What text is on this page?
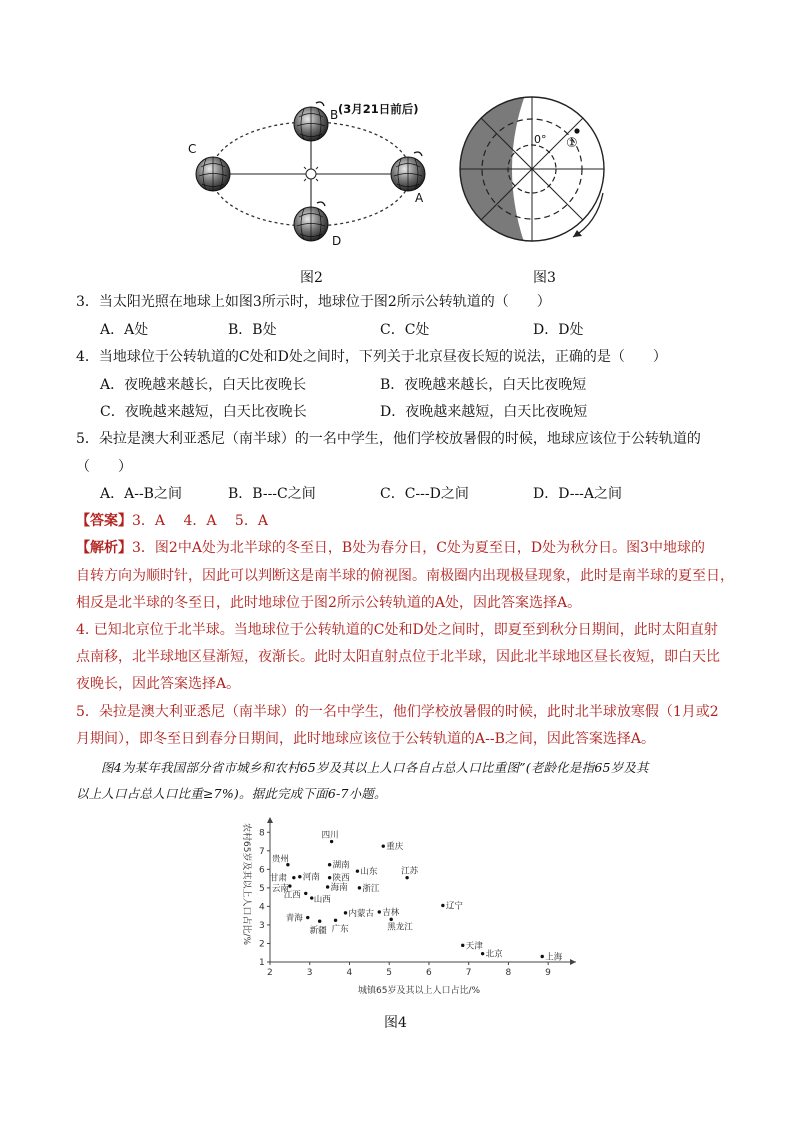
B
C
A
D
(3月21日前后)
图2
0° ①
图3
3．当太阳光照在地球上如图3所示时，地球位于图2所示公转轨道的（　　）
A．A处	B．B处	C．C处	D．D处
4．当地球位于公转轨道的C处和D处之间时，下列关于北京昼夜长短的说法，正确的是（　　）
A．夜晚越来越长，白天比夜晚长	B．夜晚越来越长，白天比夜晚短
C．夜晚越来越短，白天比夜晚长	D．夜晚越来越短，白天比夜晚短
5．朵拉是澳大利亚悉尼（南半球）的一名中学生，他们学校放暑假的时候，地球应该位于公转轨道的
（　　）
A．A--B之间	B．B---C之间	C．C---D之间	D．D---A之间
【答案】3．A　 4．A　 5．A
【解析】3．图2中A处为北半球的冬至日，B处为春分日，C处为夏至日，D处为秋分日。图3中地球的
自转方向为顺时针，因此可以判断这是南半球的俯视图。南极圈内出现极昼现象，此时是南半球的夏至日，
相反是北半球的冬至日，此时地球位于图2所示公转轨道的A处，因此答案选择A。
4. 已知北京位于北半球。当地球位于公转轨道的C处和D处之间时，即夏至到秋分日期间，此时太阳直射
点南移，北半球地区昼渐短，夜渐长。此时太阳直射点位于北半球，因此北半球地区昼长夜短，即白天比
夜晚长，因此答案选择A。
5．朵拉是澳大利亚悉尼（南半球）的一名中学生，他们学校放暑假的时候，此时北半球放寒假（1月或2
月期间），即冬至日到春分日期间，此时地球应该位于公转轨道的A--B之间，因此答案选择A。
图4为某年我国部分省市城乡和农村65岁及其以上人口各自占总人口比重图”(老龄化是指65岁及其
以上人口占总人口比重≥7%)。据此完成下面6-7小题。
2	3	4	5	6	7	8	9
1
2
3
4
5
6
7
8	四川
重庆
贵州
湖南
山东
陕西
甘肃 河南
江苏
云南	海南 浙江
江西 山西
辽宁
吉林
青海	内蒙古
新疆 广东	黑龙江
天津
北京	上海
城镇65岁及其以上人口占比/%
农村65岁及其以上人口占比/%
图4
